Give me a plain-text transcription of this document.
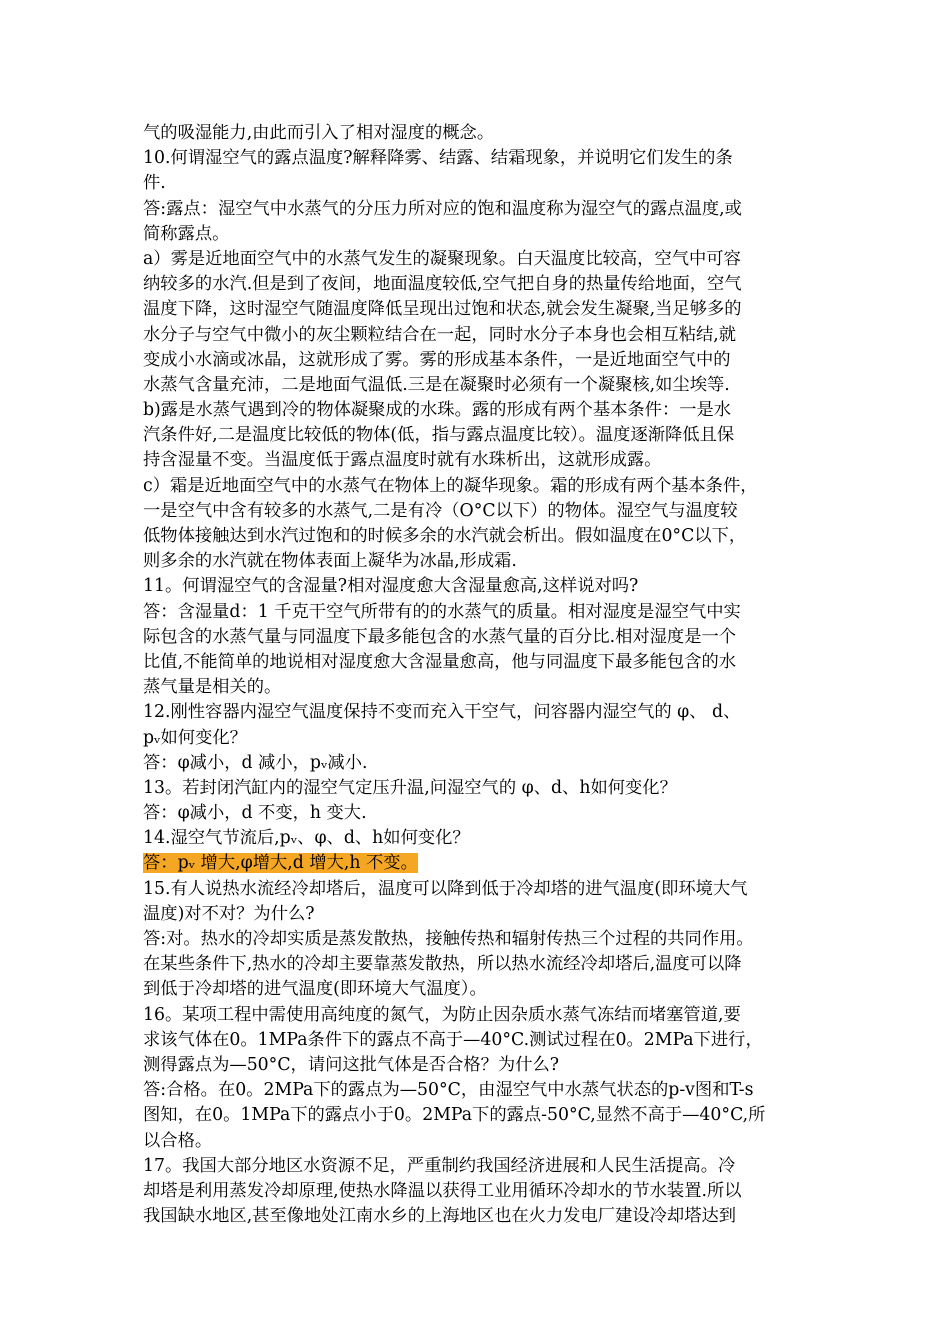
气的吸湿能力,由此而引入了相对湿度的概念。
10.何谓湿空气的露点温度?解释降雾、结露、结霜现象，并说明它们发生的条
件.
答:露点：湿空气中水蒸气的分压力所对应的饱和温度称为湿空气的露点温度,或
简称露点。
a）雾是近地面空气中的水蒸气发生的凝聚现象。白天温度比较高，空气中可容
纳较多的水汽.但是到了夜间，地面温度较低,空气把自身的热量传给地面，空气
温度下降，这时湿空气随温度降低呈现出过饱和状态,就会发生凝聚,当足够多的
水分子与空气中微小的灰尘颗粒结合在一起，同时水分子本身也会相互粘结,就
变成小水滴或冰晶，这就形成了雾。雾的形成基本条件，一是近地面空气中的
水蒸气含量充沛，二是地面气温低.三是在凝聚时必须有一个凝聚核,如尘埃等.
b)露是水蒸气遇到冷的物体凝聚成的水珠。露的形成有两个基本条件：一是水
汽条件好,二是温度比较低的物体(低，指与露点温度比较）。温度逐渐降低且保
持含湿量不变。当温度低于露点温度时就有水珠析出，这就形成露。
c）霜是近地面空气中的水蒸气在物体上的凝华现象。霜的形成有两个基本条件，
一是空气中含有较多的水蒸气,二是有冷（O°C以下）的物体。湿空气与温度较
低物体接触达到水汽过饱和的时候多余的水汽就会析出。假如温度在0°C以下，
则多余的水汽就在物体表面上凝华为冰晶,形成霜.
11。何谓湿空气的含湿量?相对湿度愈大含湿量愈高,这样说对吗?
答：含湿量d：1 千克干空气所带有的的水蒸气的质量。相对湿度是湿空气中实
际包含的水蒸气量与同温度下最多能包含的水蒸气量的百分比.相对湿度是一个
比值,不能简单的地说相对湿度愈大含湿量愈高，他与同温度下最多能包含的水
蒸气量是相关的。
12.刚性容器内湿空气温度保持不变而充入干空气，问容器内湿空气的 φ、 d、
pᵥ如何变化？
答：φ减小，d 减小，pᵥ减小.
13。若封闭汽缸内的湿空气定压升温,问湿空气的 φ、d、h如何变化？
答：φ减小，d 不变，h 变大.
14.湿空气节流后,pᵥ、φ、d、h如何变化？
答：pᵥ 增大,φ增大,d 增大,h 不变。
15.有人说热水流经冷却塔后，温度可以降到低于冷却塔的进气温度(即环境大气
温度)对不对？为什么?
答:对。热水的冷却实质是蒸发散热，接触传热和辐射传热三个过程的共同作用。
在某些条件下,热水的冷却主要靠蒸发散热，所以热水流经冷却塔后,温度可以降
到低于冷却塔的进气温度(即环境大气温度）。
16。某项工程中需使用高纯度的氮气，为防止因杂质水蒸气冻结而堵塞管道,要
求该气体在0。1MPa条件下的露点不高于—40°C.测试过程在0。2MPa下进行，
测得露点为—50°C，请问这批气体是否合格？为什么?
答:合格。在0。2MPa下的露点为—50°C，由湿空气中水蒸气状态的p-v图和T-s
图知，在0。1MPa下的露点小于0。2MPa下的露点-50°C,显然不高于—40°C,所
以合格。
17。我国大部分地区水资源不足，严重制约我国经济进展和人民生活提高。冷
却塔是利用蒸发冷却原理,使热水降温以获得工业用循环冷却水的节水装置.所以
我国缺水地区,甚至像地处江南水乡的上海地区也在火力发电厂建设冷却塔达到
